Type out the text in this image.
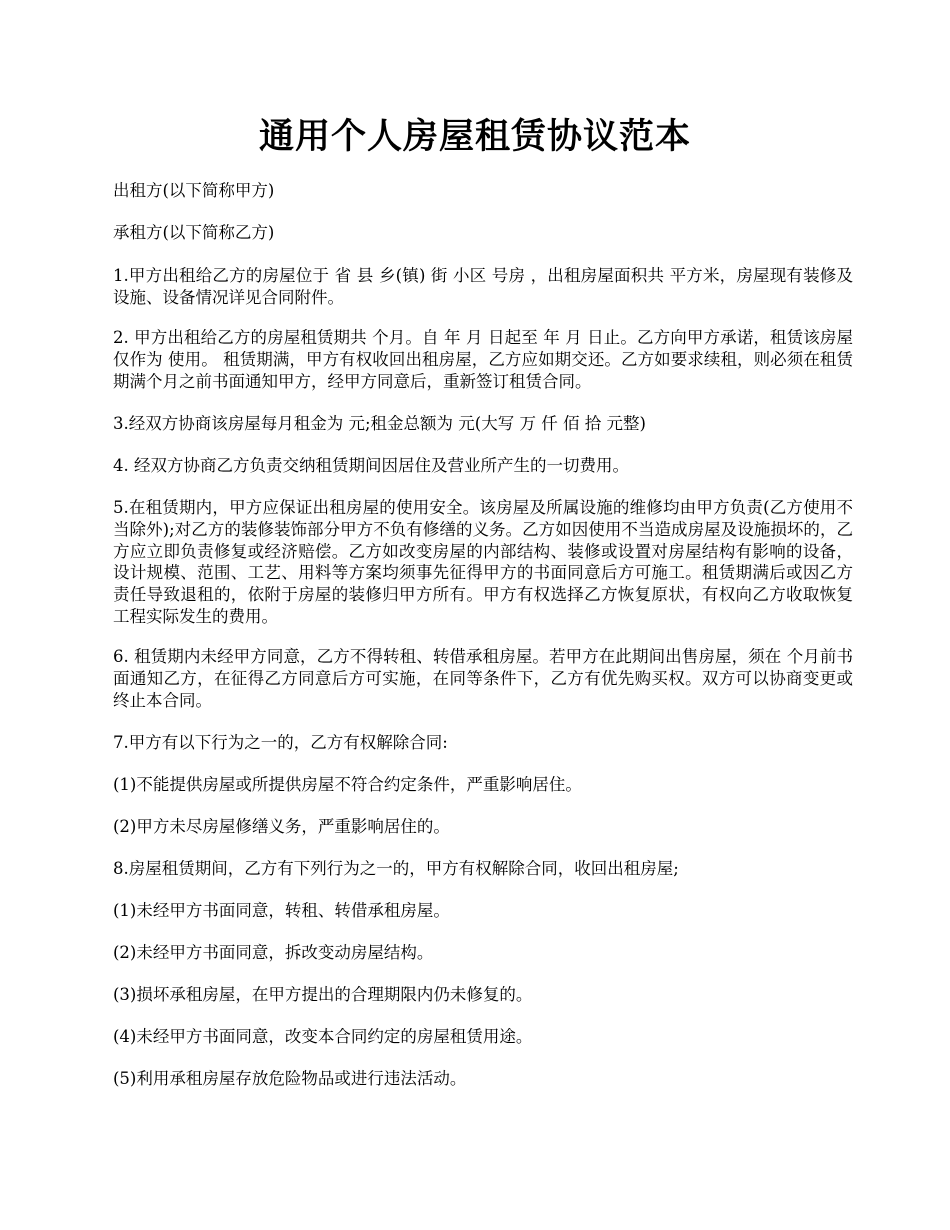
通用个人房屋租赁协议范本

出租方(以下简称甲方)

承租方(以下简称乙方)

1.甲方出租给乙方的房屋位于 省 县 乡(镇) 街 小区 号房 ，出租房屋面积共 平方米，房屋现有装修及设施、设备情况详见合同附件。

2. 甲方出租给乙方的房屋租赁期共 个月。自 年 月 日起至 年 月 日止。乙方向甲方承诺，租赁该房屋仅作为 使用。 租赁期满，甲方有权收回出租房屋，乙方应如期交还。乙方如要求续租，则必须在租赁期满个月之前书面通知甲方，经甲方同意后，重新签订租赁合同。

3.经双方协商该房屋每月租金为 元;租金总额为 元(大写 万 仟 佰 拾 元整)

4. 经双方协商乙方负责交纳租赁期间因居住及营业所产生的一切费用。

5.在租赁期内，甲方应保证出租房屋的使用安全。该房屋及所属设施的维修均由甲方负责(乙方使用不当除外);对乙方的装修装饰部分甲方不负有修缮的义务。乙方如因使用不当造成房屋及设施损坏的，乙方应立即负责修复或经济赔偿。乙方如改变房屋的内部结构、装修或设置对房屋结构有影响的设备，设计规模、范围、工艺、用料等方案均须事先征得甲方的书面同意后方可施工。租赁期满后或因乙方责任导致退租的，依附于房屋的装修归甲方所有。甲方有权选择乙方恢复原状，有权向乙方收取恢复工程实际发生的费用。

6. 租赁期内未经甲方同意，乙方不得转租、转借承租房屋。若甲方在此期间出售房屋，须在 个月前书面通知乙方，在征得乙方同意后方可实施，在同等条件下，乙方有优先购买权。双方可以协商变更或终止本合同。

7.甲方有以下行为之一的，乙方有权解除合同:

(1)不能提供房屋或所提供房屋不符合约定条件，严重影响居住。

(2)甲方未尽房屋修缮义务，严重影响居住的。

8.房屋租赁期间，乙方有下列行为之一的，甲方有权解除合同，收回出租房屋;

(1)未经甲方书面同意，转租、转借承租房屋。

(2)未经甲方书面同意，拆改变动房屋结构。

(3)损坏承租房屋，在甲方提出的合理期限内仍未修复的。

(4)未经甲方书面同意，改变本合同约定的房屋租赁用途。

(5)利用承租房屋存放危险物品或进行违法活动。
